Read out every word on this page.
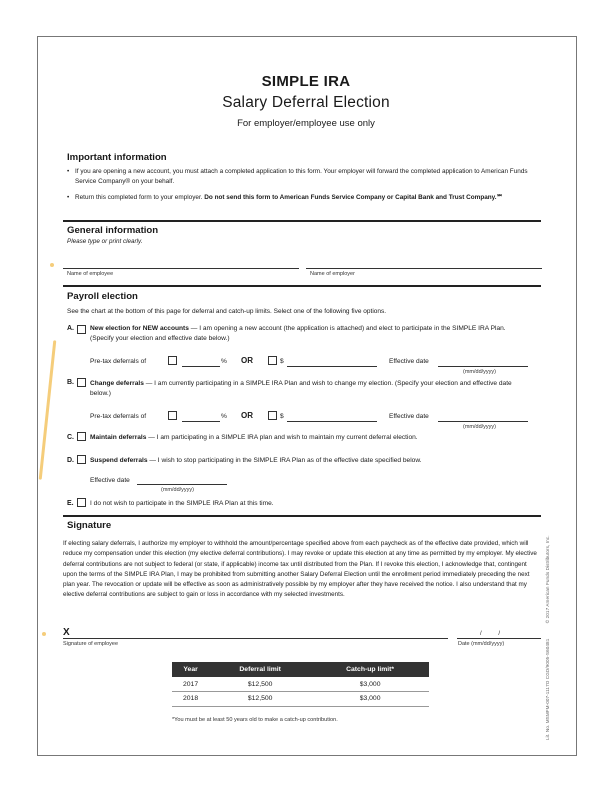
SIMPLE IRA
Salary Deferral Election
For employer/employee use only
Important information
• If you are opening a new account, you must attach a completed application to this form. Your employer will forward the completed application to American Funds Service Company® on your behalf.
• Return this completed form to your employer. Do not send this form to American Funds Service Company or Capital Bank and Trust Company.℠
General information
Please type or print clearly.
Name of employee	Name of employer
Payroll election
See the chart at the bottom of this page for deferral and catch-up limits. Select one of the following five options.
A. New election for NEW accounts — I am opening a new account (the application is attached) and elect to participate in the SIMPLE IRA Plan. (Specify your election and effective date below.)
Pre-tax deferrals of	% OR	$	Effective date
(mm/dd/yyyy)
B. Change deferrals — I am currently participating in a SIMPLE IRA Plan and wish to change my election. (Specify your election and effective date below.)
Pre-tax deferrals of	% OR	$	Effective date
(mm/dd/yyyy)
C. Maintain deferrals — I am participating in a SIMPLE IRA plan and wish to maintain my current deferral election.
D. Suspend deferrals — I wish to stop participating in the SIMPLE IRA Plan as of the effective date specified below.
Effective date
(mm/dd/yyyy)
E. I do not wish to participate in the SIMPLE IRA Plan at this time.
Signature
If electing salary deferrals, I authorize my employer to withhold the amount/percentage specified above from each paycheck as of the effective date provided, which will reduce my compensation under this election (my elective deferral contributions). I may revoke or update this election at any time as permitted by my employer. My elective deferral contributions are not subject to federal (or state, if applicable) income tax until distributed from the Plan. If I revoke this election, I acknowledge that, contingent upon the terms of the SIMPLE IRA Plan, I may be prohibited from submitting another Salary Deferral Election until the enrollment period immediately preceding the next plan year. The revocation or update will be effective as soon as administratively possible by my employer after they have received the notice. I also understand that my elective deferral contributions are subject to gain or loss in accordance with my selected investments.
X
Signature of employee
/          /
Date (mm/dd/yyyy)
Year	Deferral limit	Catch-up limit*
2017	$12,500	$3,000
2018	$12,500	$3,000
*You must be at least 50 years old to make a catch-up contribution.	Lit. No. MSMFM-007-1117O CGD/9005-S60481 © 2017 American Funds Distributors, Inc.
